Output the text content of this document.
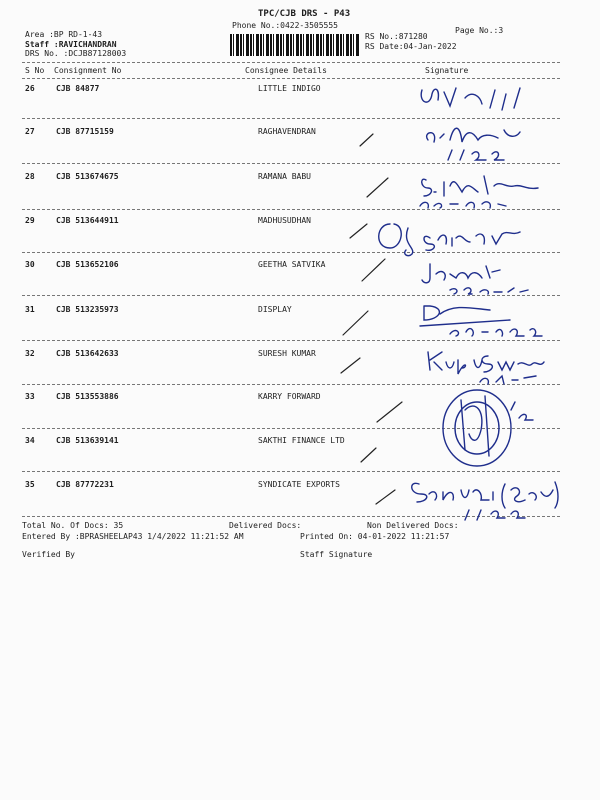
TPC/CJB DRS - P43
Phone No.:0422-3505555
Page No.:3
Area :BP RD-1-43
Staff :RAVICHANDRAN
DRS No. :DCJB87128003
RS No.:871280
RS Date:04-Jan-2022
S No Consignment No	Consignee Details	Signature
26	CJB 84877	LITTLE INDIGO
27	CJB 87715159	RAGHAVENDRAN
28	CJB 513674675	RAMANA BABU
29	CJB 513644911	MADHUSUDHAN
30	CJB 513652106	GEETHA SATVIKA
31	CJB 513235973	DISPLAY
32	CJB 513642633	SURESH KUMAR
33	CJB 513553886	KARRY FORWARD
34	CJB 513639141	SAKTHI FINANCE LTD
35	CJB 87772231	SYNDICATE EXPORTS
Total No. Of Docs: 35	Delivered Docs:	Non Delivered Docs:
Entered By :BPRASHEELAP43 1/4/2022 11:21:52 AM	Printed On: 04-01-2022 11:21:57
Verified By	Staff Signature
